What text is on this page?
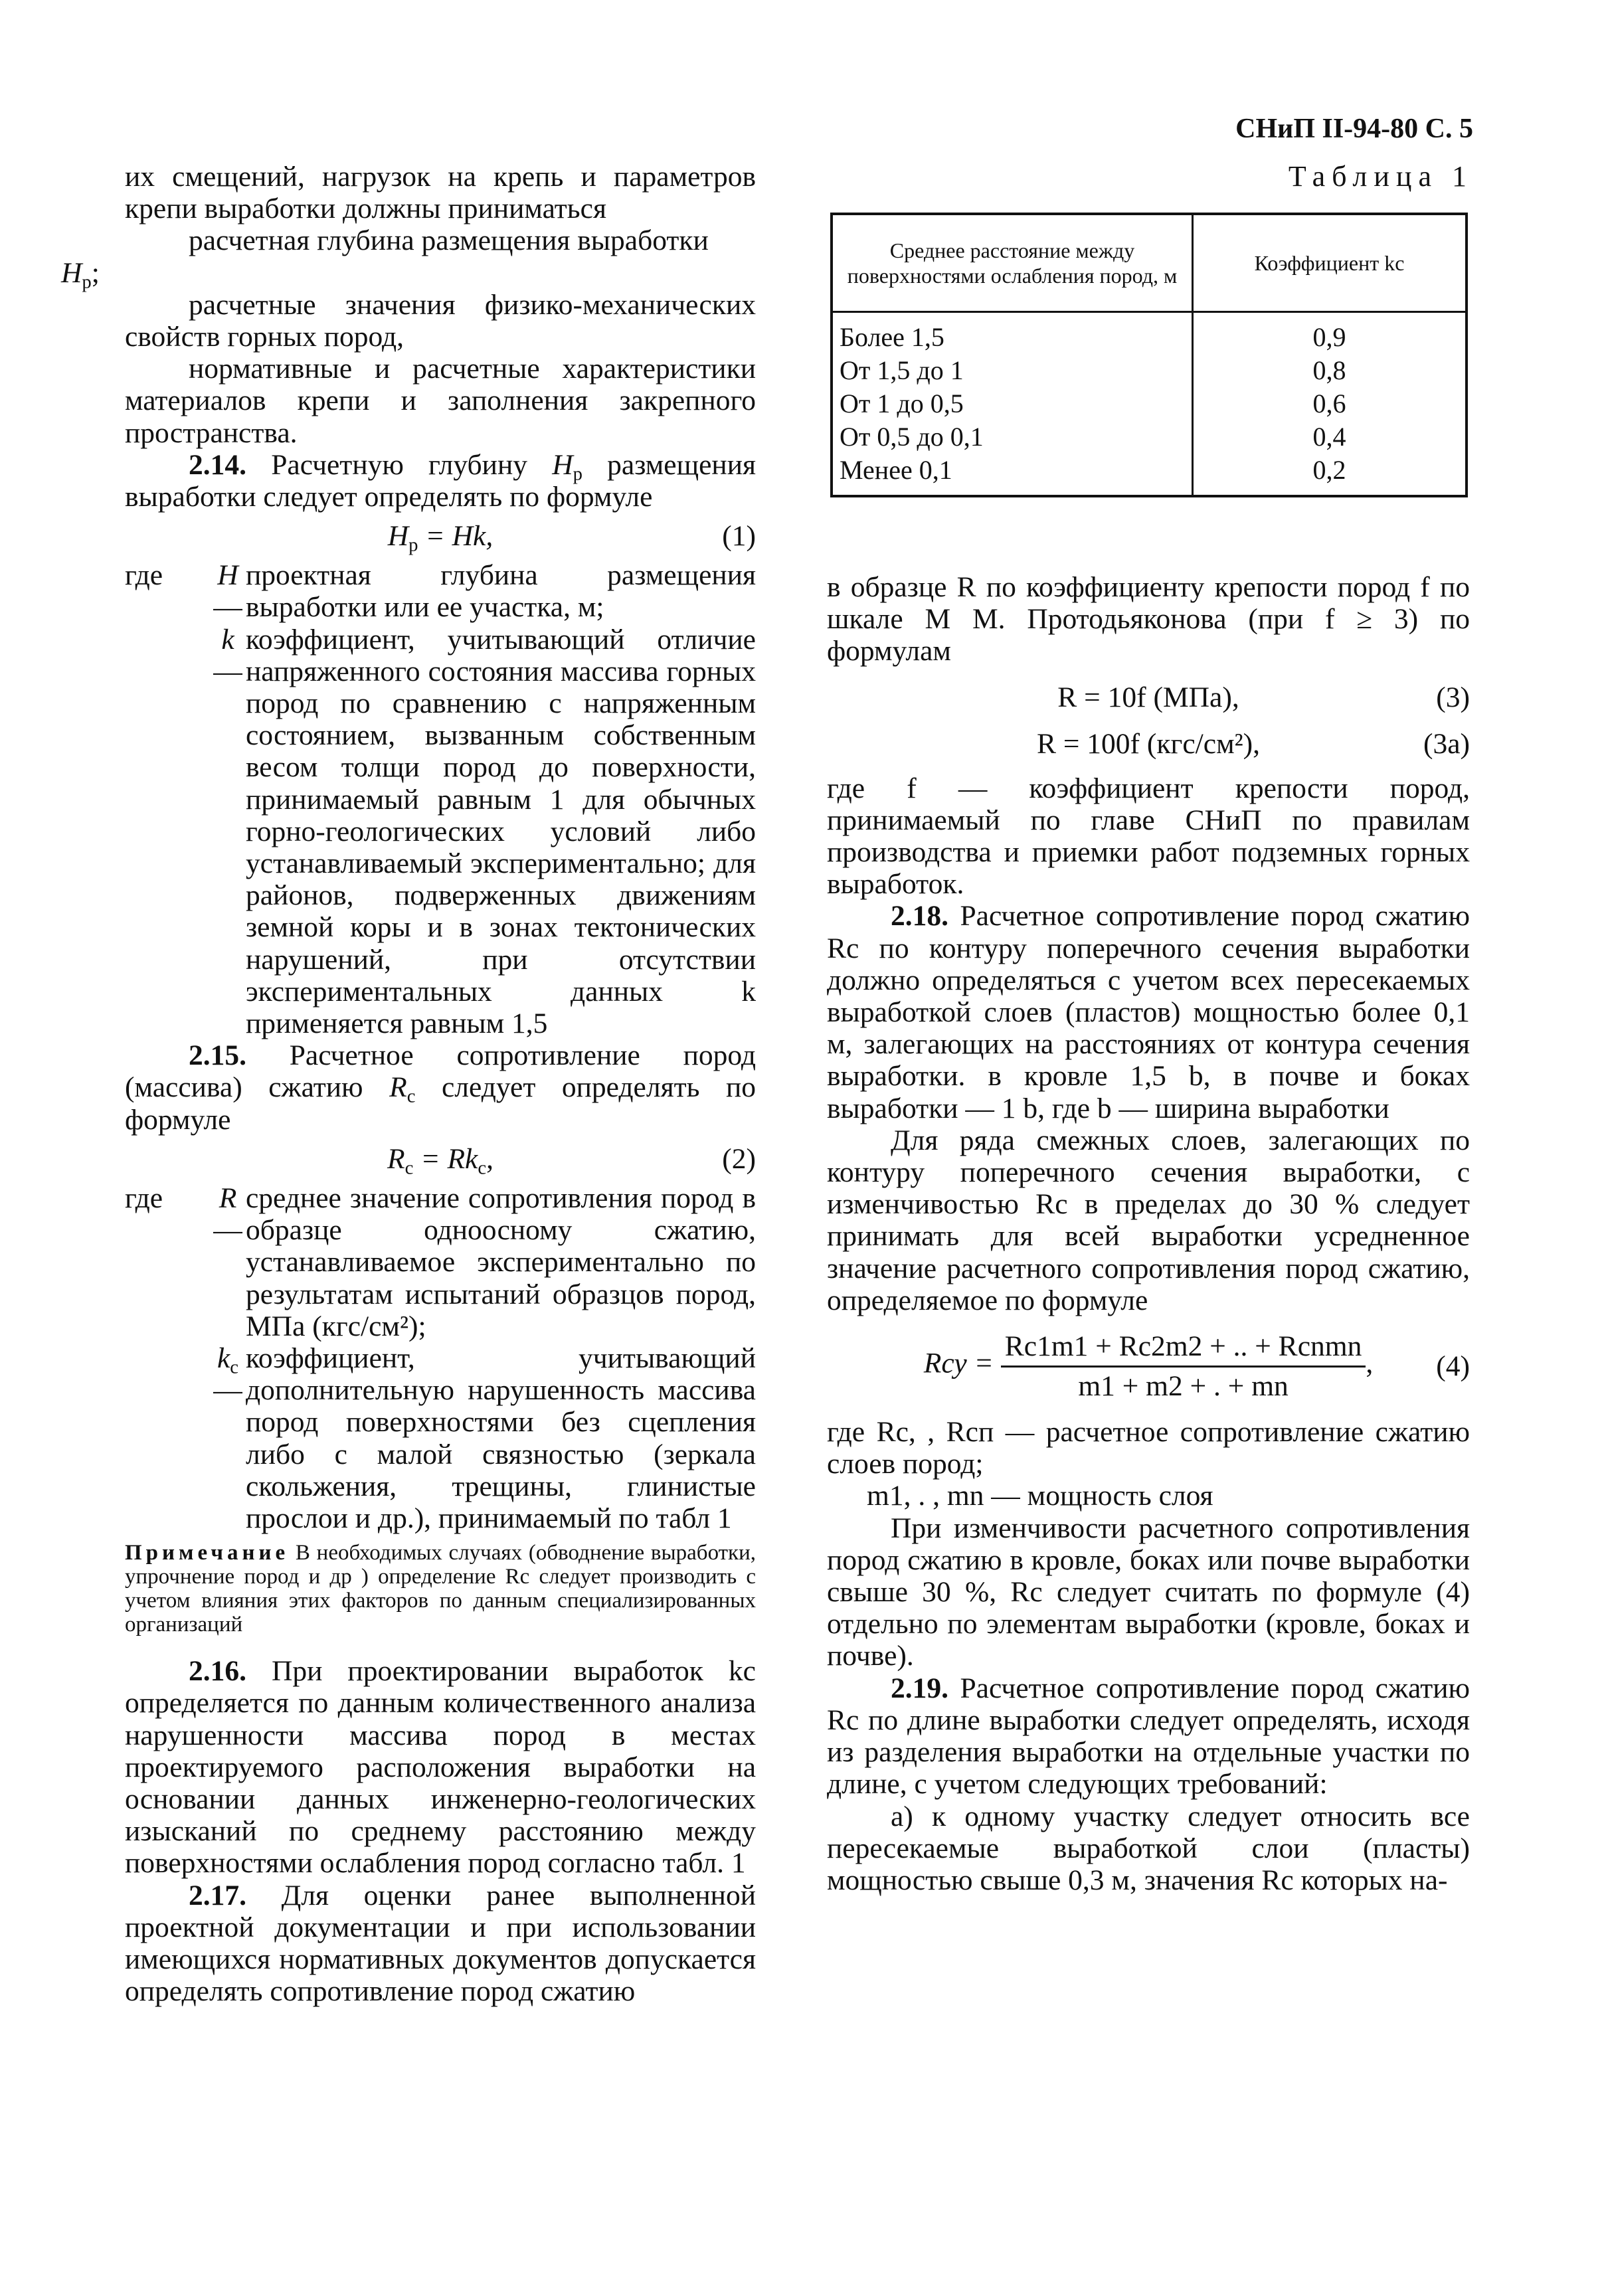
СНиП II-94-80 С. 5

их смещений, нагрузок на крепь и параметров крепи выработки должны приниматься

расчетная глубина размещения выработки
$H_р$;

расчетные значения физико-механических свойств горных пород,

нормативные и расчетные характеристики материалов крепи и заполнения закрепного пространства.

2.14. Расчетную глубину $H_р$ размещения выработки следует определять по формуле

$H_р = Hk$,	(1)
где	H —
проектная глубина размещения выработки или ее участка, м;
k —
коэффициент, учитывающий отличие напряженного состояния массива горных пород по сравнению с напряженным состоянием, вызванным собственным весом толщи пород до поверхности, принимаемый равным 1 для обычных горно-геологических условий либо устанавливаемый экспериментально; для районов, подверженных движениям земной коры и в зонах тектонических нарушений, при отсутствии экспериментальных данных k применяется равным 1,5

2.15. Расчетное сопротивление пород (массива) сжатию $R_c$ следует определять по формуле

$R_c = Rk_c$,	(2)
где	R —
среднее значение сопротивления пород в образце одноосному сжатию, устанавливаемое экспериментально по результатам испытаний образцов пород, МПа (кгс/см²);
$k_с$ —
коэффициент, учитывающий дополнительную нарушенность массива пород поверхностями без сцепления либо с малой связностью (зеркала скольжения, трещины, глинистые прослои и др.), принимаемый по табл 1
Примечание В необходимых случаях (обводнение выработки, упрочнение пород и др ) определение Rc следует производить с учетом влияния этих факторов по данным специализированных организаций

2.16. При проектировании выработок kc определяется по данным количественного анализа нарушенности массива пород в местах проектируемого расположения выработки на основании данных инженерно-геологических изысканий по среднему расстоянию между поверхностями ослабления пород согласно табл. 1

2.17. Для оценки ранее выполненной проектной документации и при использовании имеющихся нормативных документов допускается определять сопротивление пород сжатию

Таблица 1
Среднее расстояние между поверхностями ослабления пород, м	Коэффициент kc
Более 1,5	0,9
От 1,5 до 1	0,8
От 1 до 0,5	0,6
От 0,5 до 0,1	0,4
Менее 0,1	0,2

в образце R по коэффициенту крепости пород f по шкале М М. Протодьяконова (при f ≥ 3) по формулам

R = 10f (МПа),	(3)
R = 100f (кгс/см²),	(3а)

где f — коэффициент крепости пород, принимаемый по главе СНиП по правилам производства и приемки работ подземных горных выработок.

2.18. Расчетное сопротивление пород сжатию Rc по контуру поперечного сечения выработки должно определяться с учетом всех пересекаемых выработкой слоев (пластов) мощностью более 0,1 м, залегающих на расстояниях от контура сечения выработки. в кровле 1,5 b, в почве и боках выработки — 1 b, где b — ширина выработки

Для ряда смежных слоев, залегающих по контуру поперечного сечения выработки, с изменчивостью Rc в пределах до 30 % следует принимать для всей выработки усредненное значение расчетного сопротивления пород сжатию, определяемое по формуле

Rсу = $\frac{\text{Rc1m1 + Rc2m2 + .. + Rcnmn}}{m1 + m2 + . + mn}$ ,	(4)

где Rc, , Rcп — расчетное сопротивление сжатию слоев пород;

m1, . , mn — мощность слоя

При изменчивости расчетного сопротивления пород сжатию в кровле, боках или почве выработки свыше 30 %, Rc следует считать по формуле (4) отдельно по элементам выработки (кровле, боках и почве).

2.19. Расчетное сопротивление пород сжатию Rc по длине выработки следует определять, исходя из разделения выработки на отдельные участки по длине, с учетом следующих требований:

а) к одному участку следует относить все пересекаемые выработкой слои (пласты) мощностью свыше 0,3 м, значения Rc которых на-
